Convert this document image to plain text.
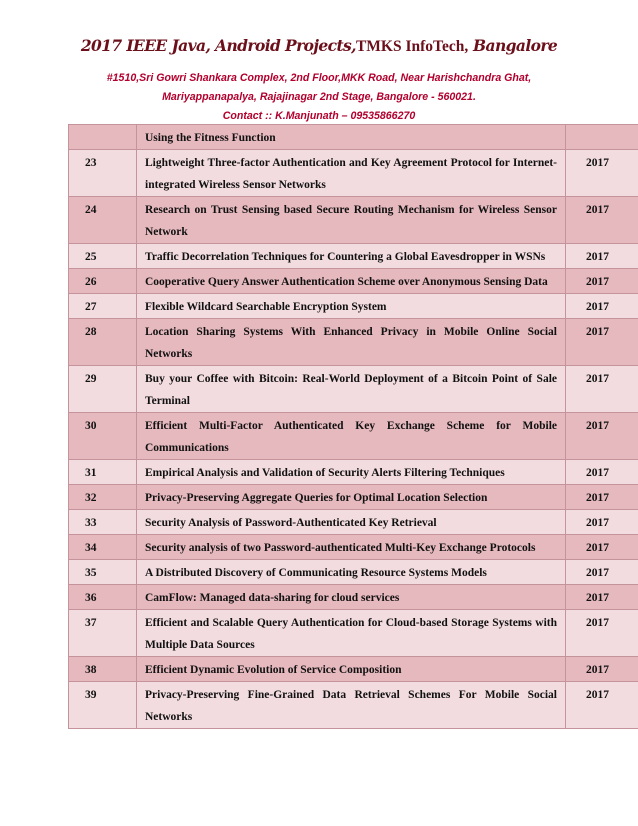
2017 IEEE Java, Android Projects,TMKS InfoTech, Bangalore
#1510,Sri Gowri Shankara Complex, 2nd Floor,MKK Road, Near Harishchandra Ghat,
Mariyappanapalya, Rajajinagar 2nd Stage, Bangalore - 560021.
Contact :: K.Manjunath – 09535866270
	Using the Fitness Function	
23	Lightweight Three-factor Authentication and Key Agreement Protocol for Internet-integrated Wireless Sensor Networks	2017
24	Research on Trust Sensing based Secure Routing Mechanism for Wireless Sensor Network	2017
25	Traffic Decorrelation Techniques for Countering a Global Eavesdropper in WSNs	2017
26	Cooperative Query Answer Authentication Scheme over Anonymous Sensing Data	2017
27	Flexible Wildcard Searchable Encryption System	2017
28	Location Sharing Systems With Enhanced Privacy in Mobile Online Social Networks	2017
29	Buy your Coffee with Bitcoin: Real-World Deployment of a Bitcoin Point of Sale Terminal	2017
30	Efficient Multi-Factor Authenticated Key Exchange Scheme for Mobile Communications	2017
31	Empirical Analysis and Validation of Security Alerts Filtering Techniques	2017
32	Privacy-Preserving Aggregate Queries for Optimal Location Selection	2017
33	Security Analysis of Password-Authenticated Key Retrieval	2017
34	Security analysis of two Password-authenticated Multi-Key Exchange Protocols	2017
35	A Distributed Discovery of Communicating Resource Systems Models	2017
36	CamFlow: Managed data-sharing for cloud services	2017
37	Efficient and Scalable Query Authentication for Cloud-based Storage Systems with Multiple Data Sources	2017
38	Efficient Dynamic Evolution of Service Composition	2017
39	Privacy-Preserving Fine-Grained Data Retrieval Schemes For Mobile Social Networks	2017
